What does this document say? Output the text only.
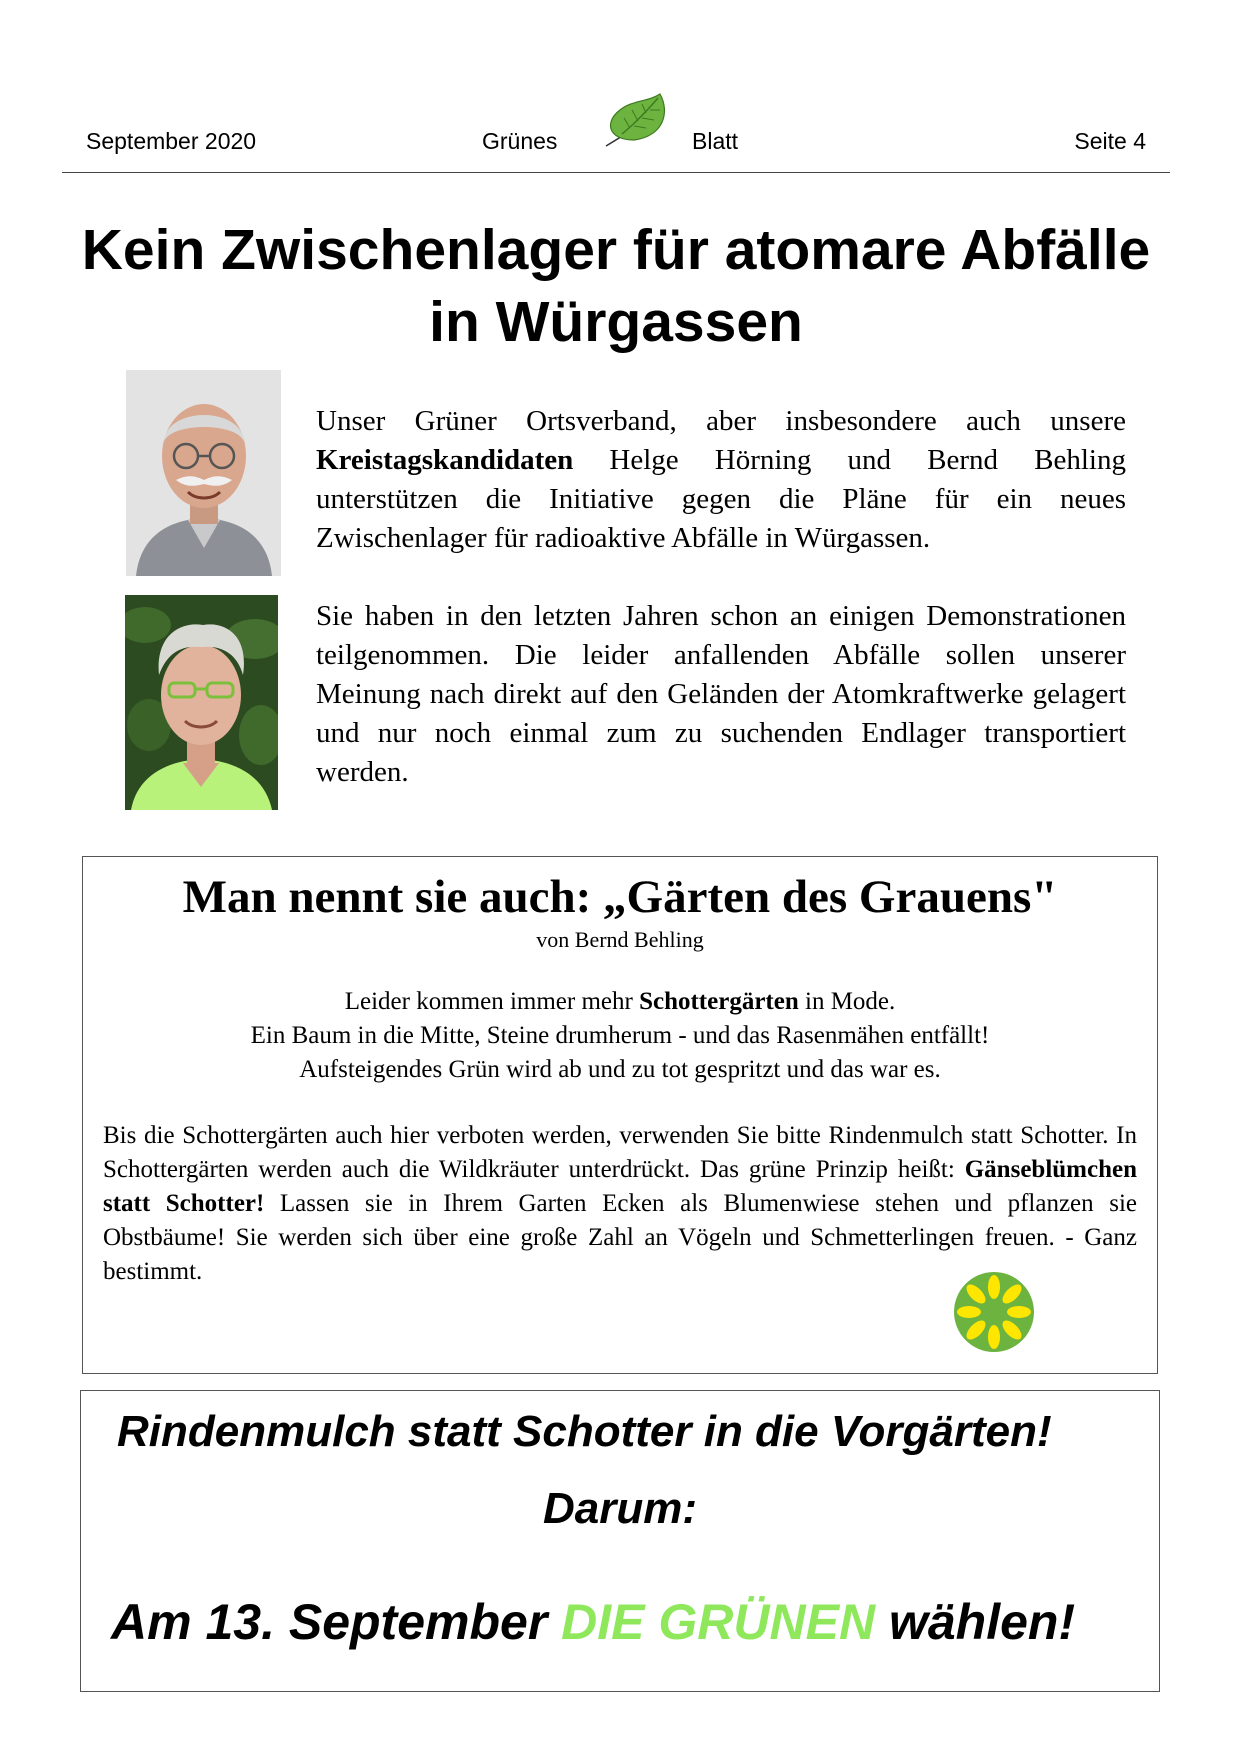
September 2020	Grünes	Blatt	Seite 4
Kein Zwischenlager für atomare Abfälle in Würgassen

Unser Grüner Ortsverband, aber insbesondere auch unsere Kreistagskandidaten Helge Hörning und Bernd Behling unterstützen die Initiative gegen die Pläne für ein neues Zwischenlager für radioaktive Abfälle in Würgassen.

Sie haben in den letzten Jahren schon an einigen Demonstrationen teilgenommen. Die leider anfallenden Abfälle sollen unserer Meinung nach direkt auf den Geländen der Atomkraftwerke gelagert und nur noch einmal zum zu suchenden Endlager transportiert werden.

Man nennt sie auch: „Gärten des Grauens"
von Bernd Behling
Leider kommen immer mehr Schottergärten in Mode.
Ein Baum in die Mitte, Steine drumherum - und das Rasenmähen entfällt!
Aufsteigendes Grün wird ab und zu tot gespritzt und das war es.

Bis die Schottergärten auch hier verboten werden, verwenden Sie bitte Rindenmulch statt Schotter. In Schottergärten werden auch die Wildkräuter unterdrückt. Das grüne Prinzip heißt: Gänseblümchen statt Schotter! Lassen sie in Ihrem Garten Ecken als Blumenwiese stehen und pflanzen sie Obstbäume! Sie werden sich über eine große Zahl an Vögeln und Schmetterlingen freuen. - Ganz bestimmt.

Rindenmulch statt Schotter in die Vorgärten!
Darum:
Am 13. September DIE GRÜNEN wählen!
